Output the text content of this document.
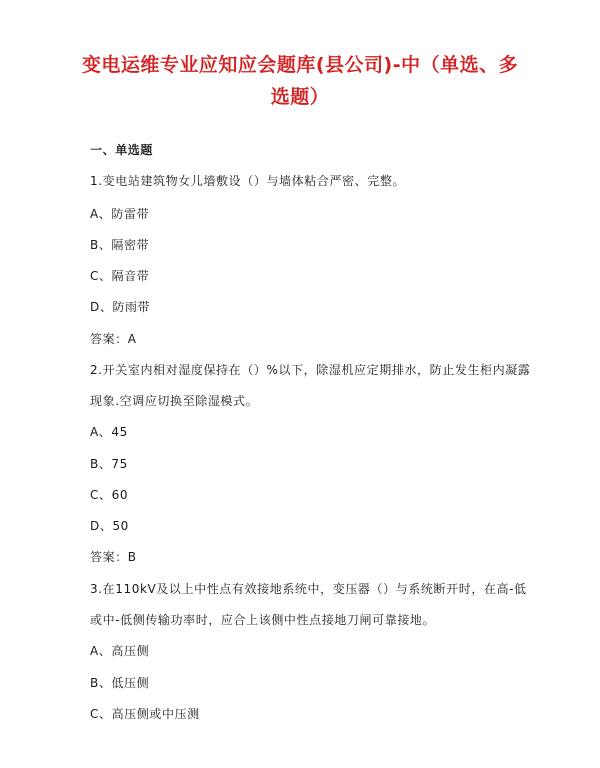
变电运维专业应知应会题库(县公司)-中（单选、多
选题）
一、单选题
1.变电站建筑物女儿墙敷设（）与墙体粘合严密、完整。
A、防雷带
B、隔密带
C、隔音带
D、防雨带
答案：A
2.开关室内相对湿度保持在（）%以下，除湿机应定期排水，防止发生柜内凝露
现象.空调应切换至除湿模式。
A、45
B、75
C、60
D、50
答案：B
3.在110kV及以上中性点有效接地系统中，变压器（）与系统断开时，在高-低
或中-低侧传输功率时，应合上该侧中性点接地刀闸可靠接地。
A、高压侧
B、低压侧
C、高压侧或中压测
